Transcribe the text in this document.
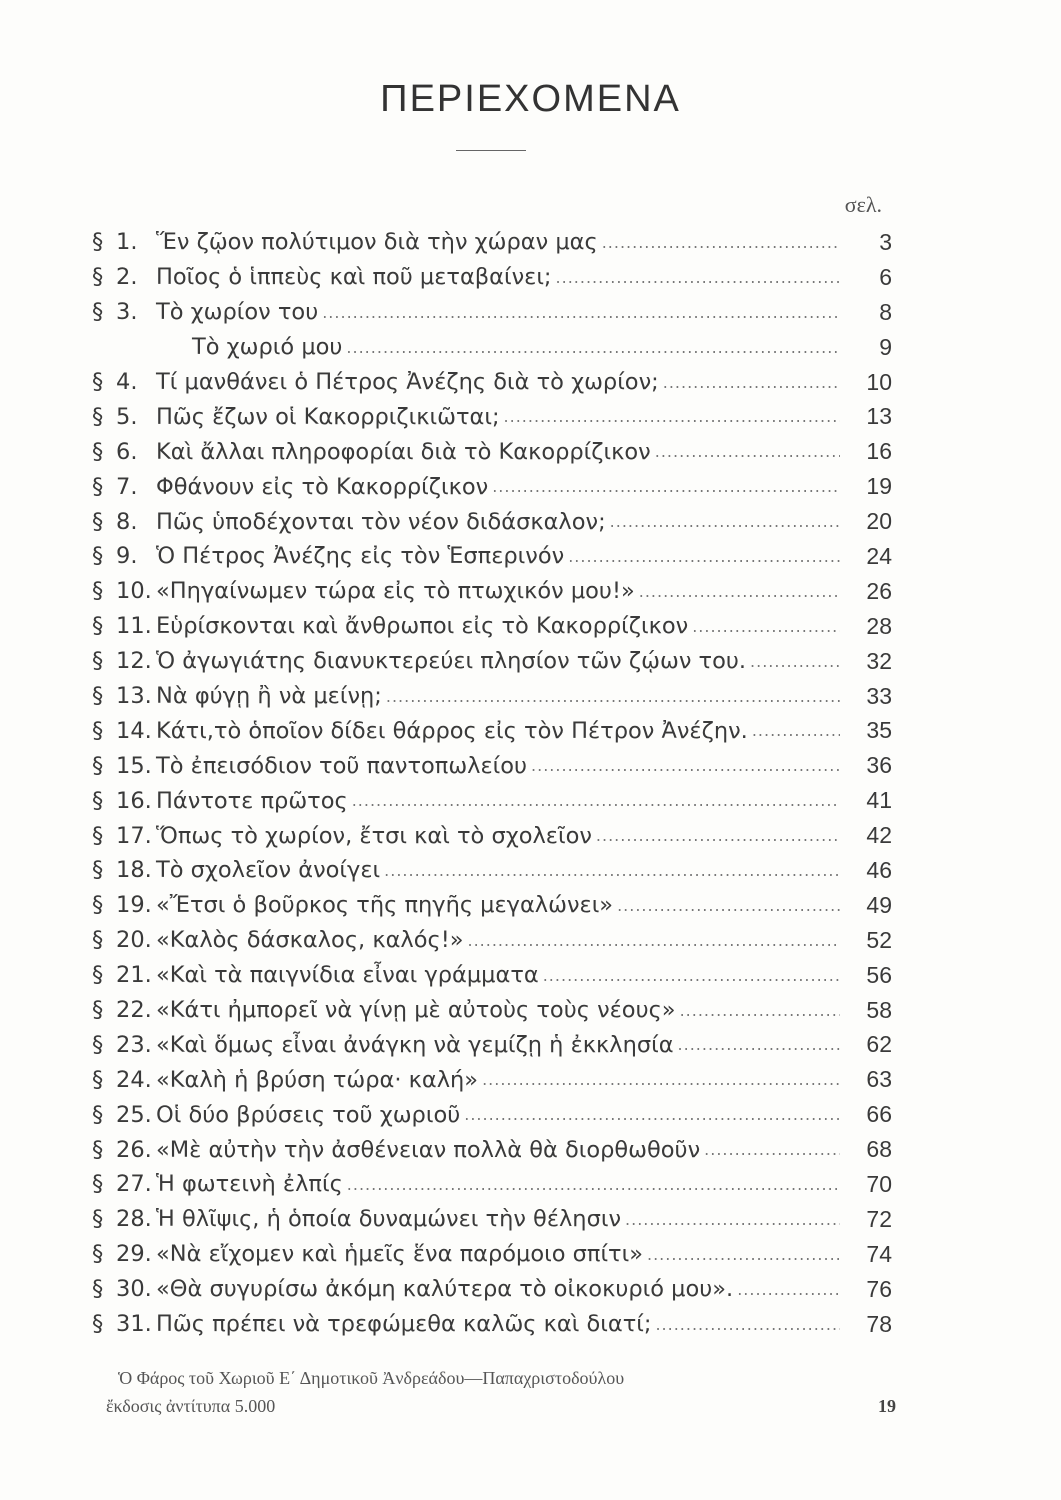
ΠΕΡΙΕΧΟΜΕΝΑ
σελ.
§ 1. Ἕν ζῷον πολύτιμον διὰ τὴν χώραν μας .....	3
§ 2. Ποῖος ὁ ἱππεὺς καὶ ποῦ μεταβαίνει; .....	6
§ 3. Τὸ χωρίον του .....	8
Τὸ χωριό μου .....	9
§ 4. Τί μανθάνει ὁ Πέτρος Ἀνέζης διὰ τὸ χωρίον; .....	10
§ 5. Πῶς ἔζων οἱ Κακορριζικιῶται; .....	13
§ 6. Καὶ ἄλλαι πληροφορίαι διὰ τὸ Κακορρίζικον .....	16
§ 7. Φθάνουν εἰς τὸ Κακορρίζικον .....	19
§ 8. Πῶς ὑποδέχονται τὸν νέον διδάσκαλον; .....	20
§ 9. Ὁ Πέτρος Ἀνέζης εἰς τὸν Ἑσπερινόν .....	24
§ 10. «Πηγαίνωμεν τώρα εἰς τὸ πτωχικόν μου!» .....	26
§ 11. Εὑρίσκονται καὶ ἄνθρωποι εἰς τὸ Κακορρίζικον .....	28
§ 12. Ὁ ἀγωγιάτης διανυκτερεύει πλησίον τῶν ζῴων του. .....	32
§ 13. Νὰ φύγῃ ἢ νὰ μείνῃ; .....	33
§ 14. Κάτι,τὸ ὁποῖον δίδει θάρρος εἰς τὸν Πέτρον Ἀνέζην. .....	35
§ 15. Τὸ ἐπεισόδιον τοῦ παντοπωλείου .....	36
§ 16. Πάντοτε πρῶτος .....	41
§ 17. Ὅπως τὸ χωρίον, ἔτσι καὶ τὸ σχολεῖον .....	42
§ 18. Τὸ σχολεῖον ἀνοίγει .....	46
§ 19. «Ἔτσι ὁ βοῦρκος τῆς πηγῆς μεγαλώνει» .....	49
§ 20. «Καλὸς δάσκαλος, καλός!» .....	52
§ 21. «Καὶ τὰ παιγνίδια εἶναι γράμματα .....	56
§ 22. «Κάτι ἠμπορεῖ νὰ γίνῃ μὲ αὐτοὺς τοὺς νέους» .....	58
§ 23. «Καὶ ὅμως εἶναι ἀνάγκη νὰ γεμίζῃ ἡ ἐκκλησία .....	62
§ 24. «Καλὴ ἡ βρύση τώρα· καλή» .....	63
§ 25. Οἱ δύο βρύσεις τοῦ χωριοῦ .....	66
§ 26. «Μὲ αὐτὴν τὴν ἀσθένειαν πολλὰ θὰ διορθωθοῦν .....	68
§ 27. Ἡ φωτεινὴ ἐλπίς .....	70
§ 28. Ἡ θλῖψις, ἡ ὁποία δυναμώνει τὴν θέλησιν .....	72
§ 29. «Νὰ εἴχομεν καὶ ἡμεῖς ἕνα παρόμοιο σπίτι» .....	74
§ 30. «Θὰ συγυρίσω ἀκόμη καλύτερα τὸ οἰκοκυριό μου». .....	76
§ 31. Πῶς πρέπει νὰ τρεφώμεθα καλῶς καὶ διατί; .....	78
Ὁ Φάρος τοῦ Χωριοῦ Ε΄ Δημοτικοῦ Ἀνδρεάδου—Παπαχριστοδούλου
ἔκδοσις ἀντίτυπα 5.000	19
